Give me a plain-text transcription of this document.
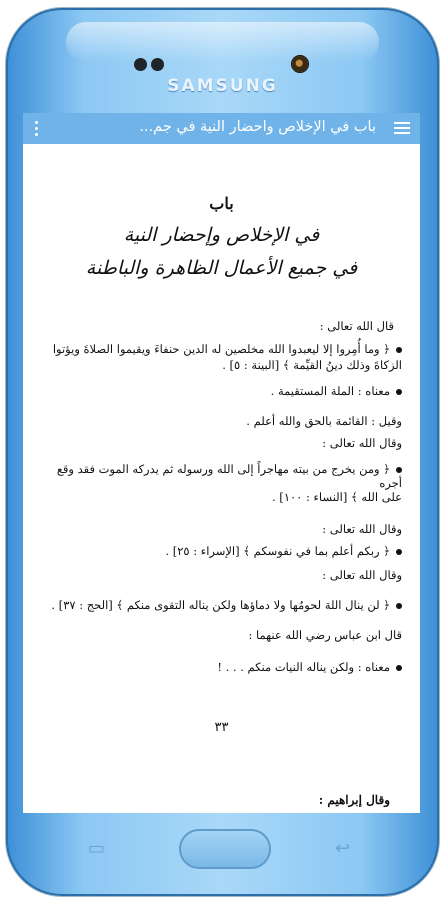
SAMSUNG
باب في الإخلاص واحضار النية في جم...
باب
في الإخلاص وإحضار النية
في جميع الأعمال الظاهرة والباطنة
قال الله تعالى :
﴿ وما أُمِروا إلا ليعبدوا الله مخلصين له الدين حنفاءَ ويقيموا الصلاةَ ويؤتوا
الزكاةَ وذلك دينُ القيِّمة ﴾ [البينة : ٥] .
معناه : الملة المستقيمة .
وقيل : القائمة بالحق والله أعلم .
وقال الله تعالى :
﴿ ومن يخرج من بيته مهاجراً إلى الله ورسوله ثم يدركه الموت فقد وقع أجره
على الله ﴾ [النساء : ١٠٠] .
وقال الله تعالى :
﴿ ربكم أعلم بما في نفوسكم ﴾ [الإسراء : ٢٥] .
وقال الله تعالى :
﴿ لن ينال اللهَ لحومُها ولا دماؤها ولكن يناله التقوى منكم ﴾ [الحج : ٣٧] .
قال ابن عباس رضي الله عنهما :
معناه : ولكن يناله النيات منكم . . . !
٣٣
وقال إبراهيم :
▭	↩
